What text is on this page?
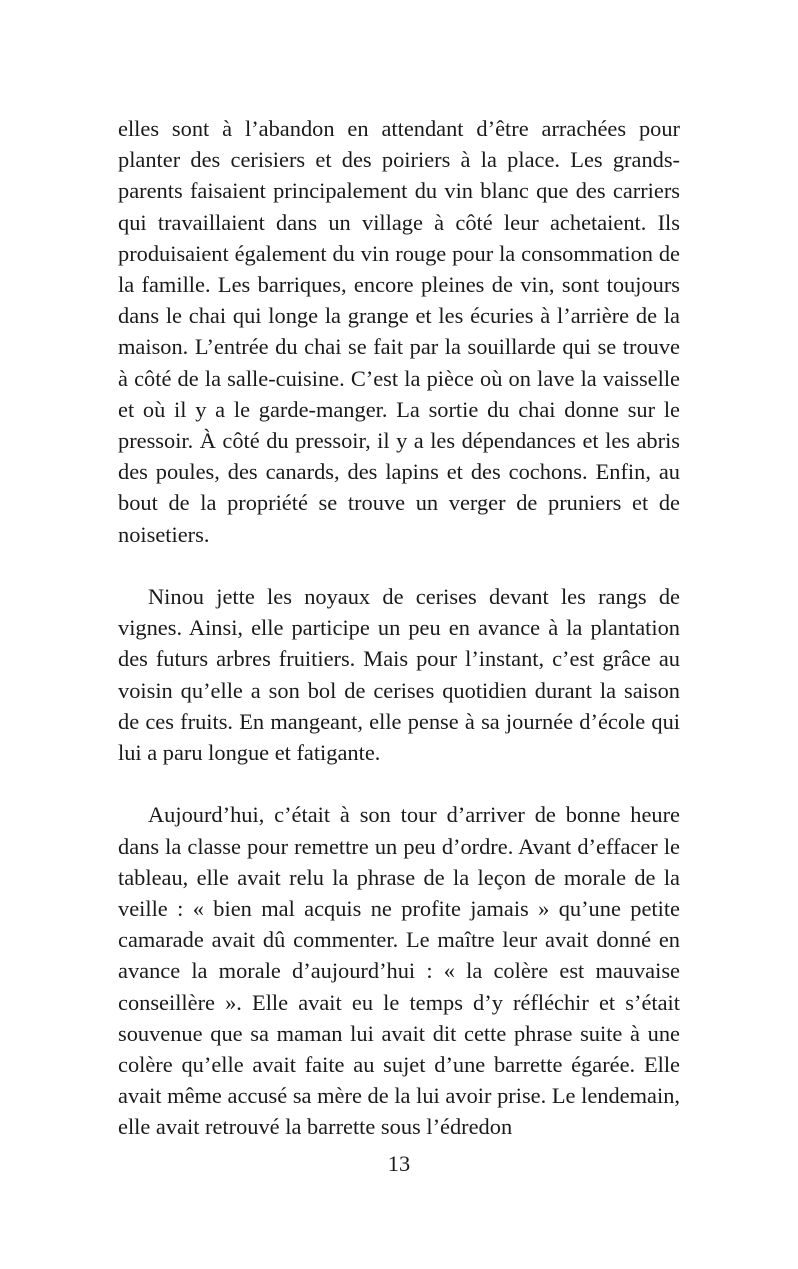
elles sont à l’abandon en attendant d’être arrachées pour planter des cerisiers et des poiriers à la place. Les grands-parents faisaient principalement du vin blanc que des carriers qui travaillaient dans un village à côté leur achetaient. Ils produisaient également du vin rouge pour la consommation de la famille. Les barriques, encore pleines de vin, sont toujours dans le chai qui longe la grange et les écuries à l’arrière de la maison. L’entrée du chai se fait par la souillarde qui se trouve à côté de la salle-cuisine. C’est la pièce où on lave la vaisselle et où il y a le garde-manger. La sortie du chai donne sur le pressoir. À côté du pressoir, il y a les dépendances et les abris des poules, des canards, des lapins et des cochons. Enfin, au bout de la propriété se trouve un verger de pruniers et de noisetiers.

Ninou jette les noyaux de cerises devant les rangs de vignes. Ainsi, elle participe un peu en avance à la plantation des futurs arbres fruitiers. Mais pour l’instant, c’est grâce au voisin qu’elle a son bol de cerises quotidien durant la saison de ces fruits. En mangeant, elle pense à sa journée d’école qui lui a paru longue et fatigante.

Aujourd’hui, c’était à son tour d’arriver de bonne heure dans la classe pour remettre un peu d’ordre. Avant d’effacer le tableau, elle avait relu la phrase de la leçon de morale de la veille : « bien mal acquis ne profite jamais » qu’une petite camarade avait dû commenter. Le maître leur avait donné en avance la morale d’aujourd’hui : « la colère est mauvaise conseillère ». Elle avait eu le temps d’y réfléchir et s’était souvenue que sa maman lui avait dit cette phrase suite à une colère qu’elle avait faite au sujet d’une barrette égarée. Elle avait même accusé sa mère de la lui avoir prise. Le lendemain, elle avait retrouvé la barrette sous l’édredon

13
